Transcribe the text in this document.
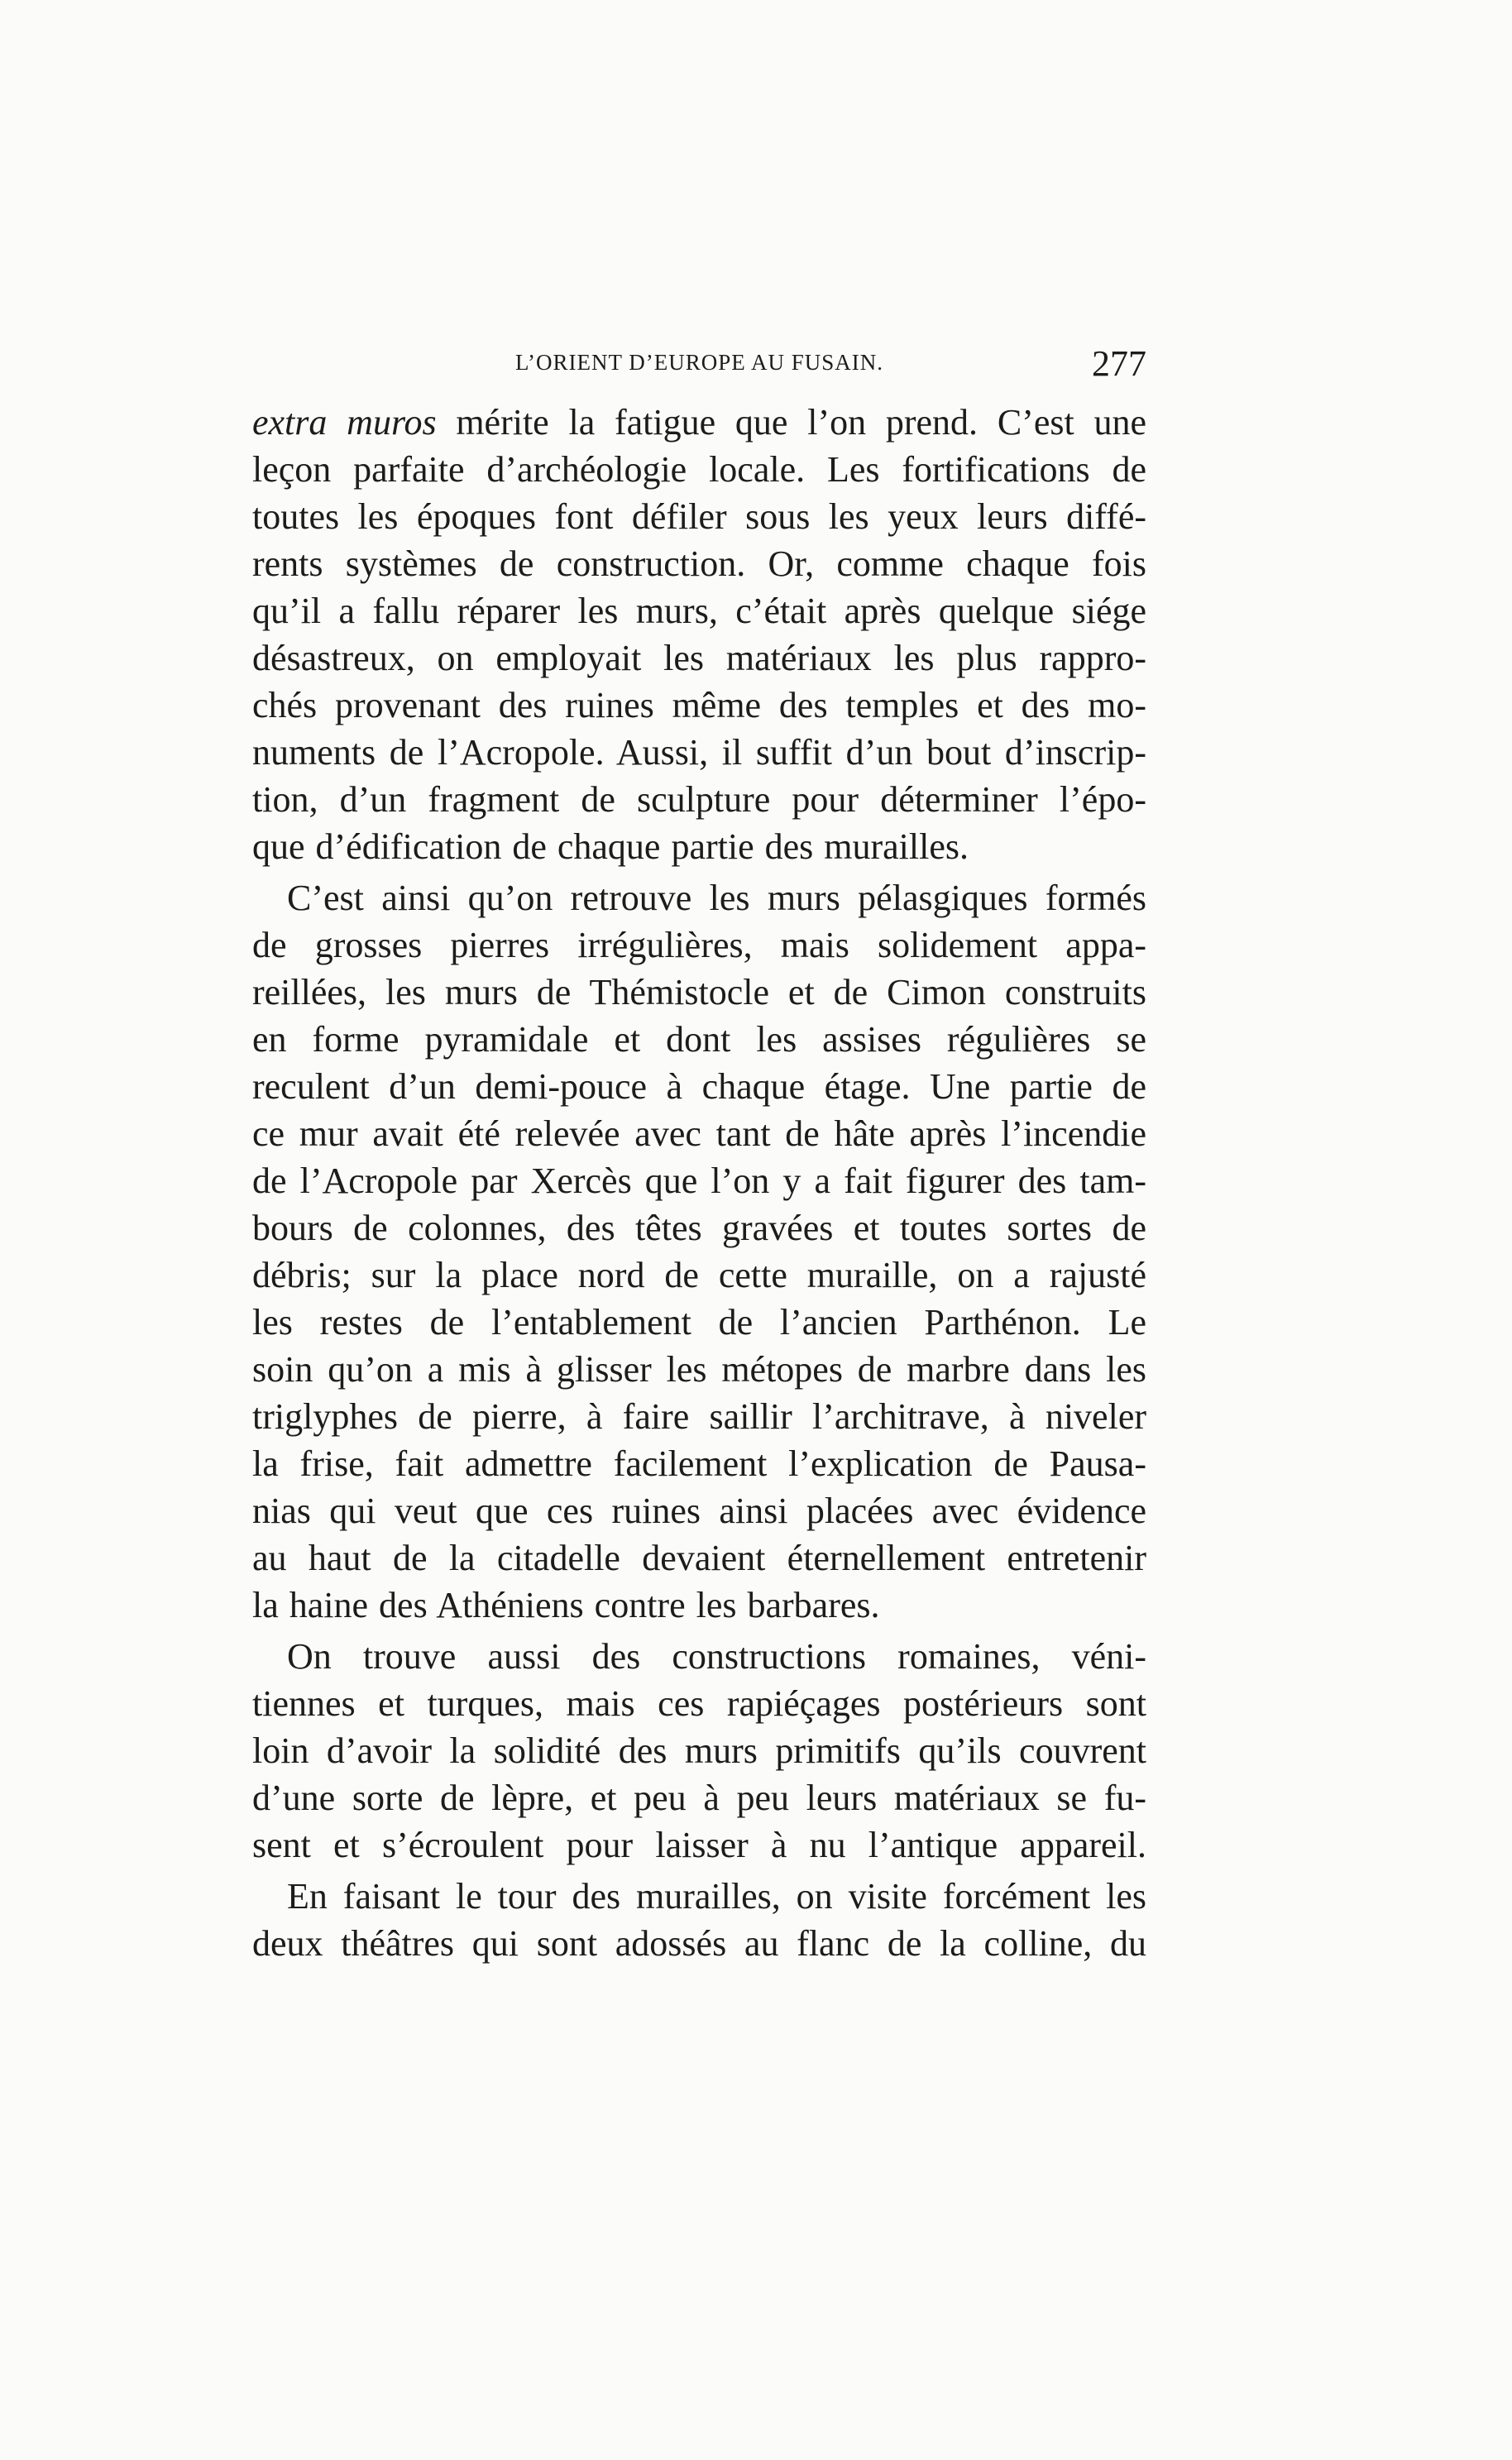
L’ORIENT D’EUROPE AU FUSAIN.	277
extra muros mérite la fatigue que l’on prend. C’est une
leçon parfaite d’archéologie locale. Les fortifications de
toutes les époques font défiler sous les yeux leurs diffé-
rents systèmes de construction. Or, comme chaque fois
qu’il a fallu réparer les murs, c’était après quelque siége
désastreux, on employait les matériaux les plus rappro-
chés provenant des ruines même des temples et des mo-
numents de l’Acropole. Aussi, il suffit d’un bout d’inscrip-
tion, d’un fragment de sculpture pour déterminer l’épo-
que d’édification de chaque partie des murailles.
C’est ainsi qu’on retrouve les murs pélasgiques formés
de grosses pierres irrégulières, mais solidement appa-
reillées, les murs de Thémistocle et de Cimon construits
en forme pyramidale et dont les assises régulières se
reculent d’un demi-pouce à chaque étage. Une partie de
ce mur avait été relevée avec tant de hâte après l’incendie
de l’Acropole par Xercès que l’on y a fait figurer des tam-
bours de colonnes, des têtes gravées et toutes sortes de
débris; sur la place nord de cette muraille, on a rajusté
les restes de l’entablement de l’ancien Parthénon. Le
soin qu’on a mis à glisser les métopes de marbre dans les
triglyphes de pierre, à faire saillir l’architrave, à niveler
la frise, fait admettre facilement l’explication de Pausa-
nias qui veut que ces ruines ainsi placées avec évidence
au haut de la citadelle devaient éternellement entretenir
la haine des Athéniens contre les barbares.
On trouve aussi des constructions romaines, véni-
tiennes et turques, mais ces rapiéçages postérieurs sont
loin d’avoir la solidité des murs primitifs qu’ils couvrent
d’une sorte de lèpre, et peu à peu leurs matériaux se fu-
sent et s’écroulent pour laisser à nu l’antique appareil.
En faisant le tour des murailles, on visite forcément les
deux théâtres qui sont adossés au flanc de la colline, du
